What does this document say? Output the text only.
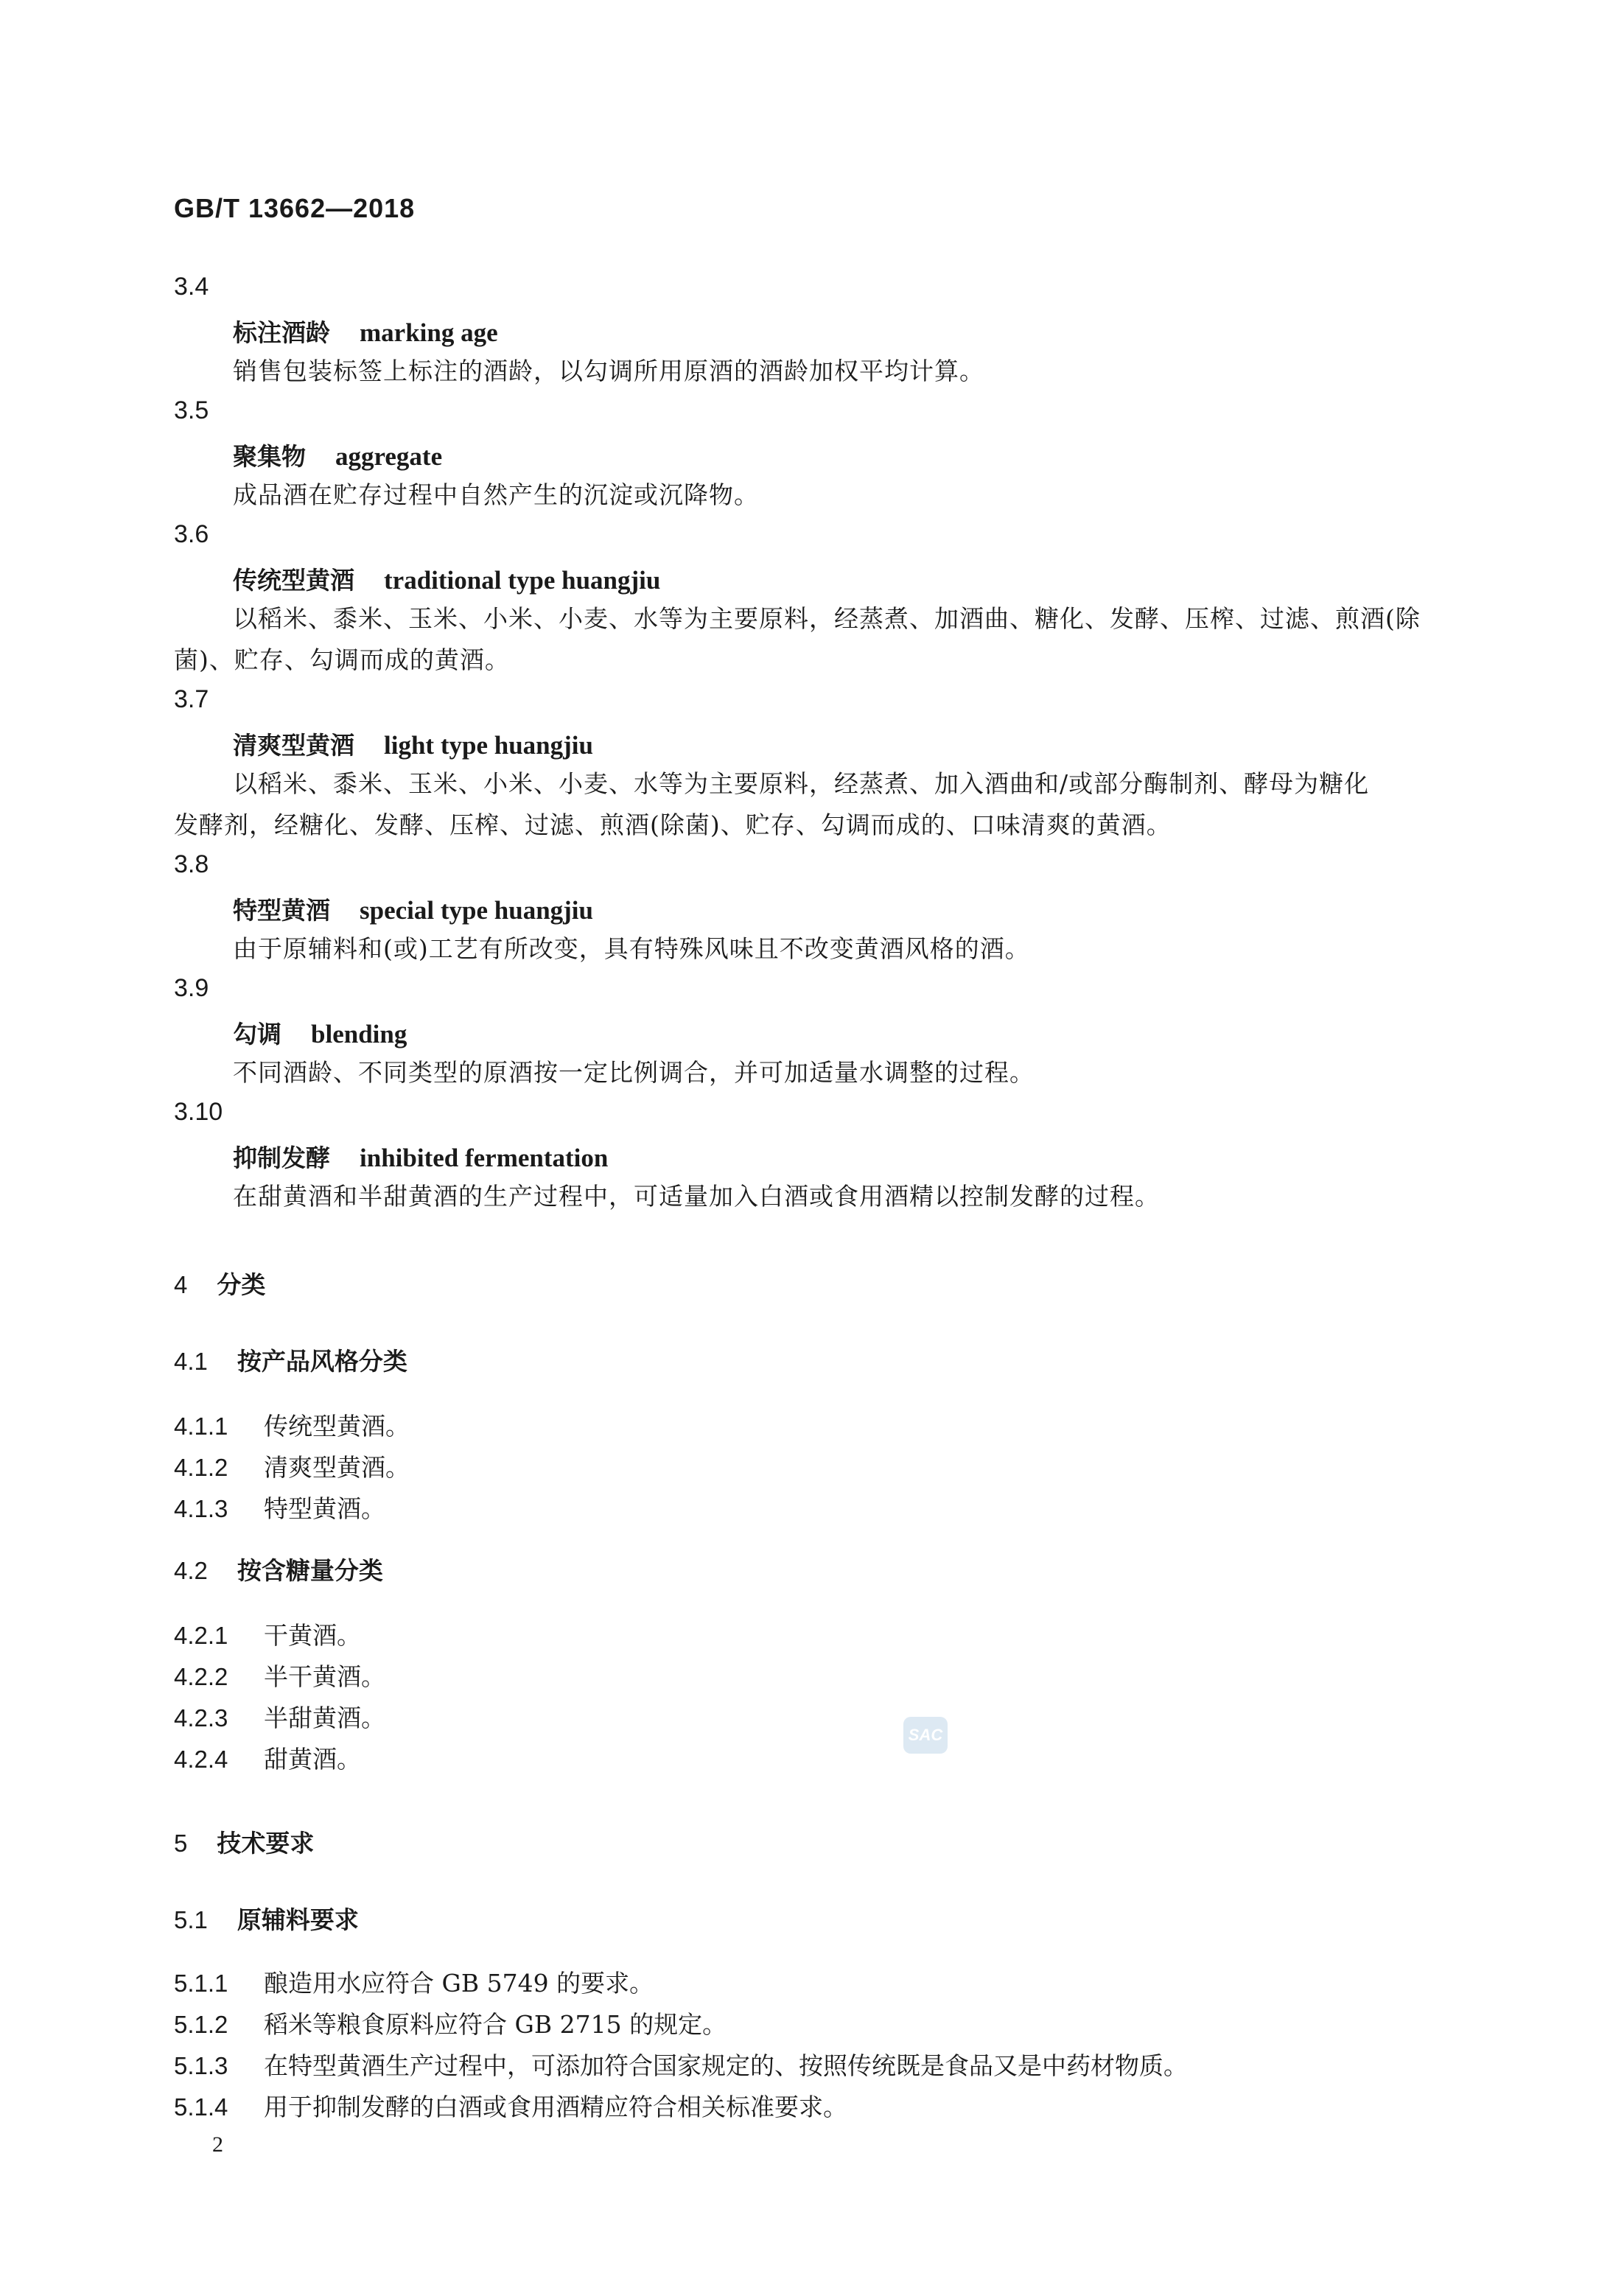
GB/T 13662—2018
3.4
标注酒龄 marking age
销售包装标签上标注的酒龄，以勾调所用原酒的酒龄加权平均计算。
3.5
聚集物 aggregate
成品酒在贮存过程中自然产生的沉淀或沉降物。
3.6
传统型黄酒 traditional type huangjiu
以稻米、黍米、玉米、小米、小麦、水等为主要原料，经蒸煮、加酒曲、糖化、发酵、压榨、过滤、煎酒(除
菌)、贮存、勾调而成的黄酒。
3.7
清爽型黄酒 light type huangjiu
以稻米、黍米、玉米、小米、小麦、水等为主要原料，经蒸煮、加入酒曲和/或部分酶制剂、酵母为糖化
发酵剂，经糖化、发酵、压榨、过滤、煎酒(除菌)、贮存、勾调而成的、口味清爽的黄酒。
3.8
特型黄酒 special type huangjiu
由于原辅料和(或)工艺有所改变，具有特殊风味且不改变黄酒风格的酒。
3.9
勾调 blending
不同酒龄、不同类型的原酒按一定比例调合，并可加适量水调整的过程。
3.10
抑制发酵 inhibited fermentation
在甜黄酒和半甜黄酒的生产过程中，可适量加入白酒或食用酒精以控制发酵的过程。
4 分类
4.1 按产品风格分类
4.1.1 传统型黄酒。
4.1.2 清爽型黄酒。
4.1.3 特型黄酒。
4.2 按含糖量分类
4.2.1 干黄酒。
4.2.2 半干黄酒。
4.2.3 半甜黄酒。
4.2.4 甜黄酒。
SAC
5 技术要求
5.1 原辅料要求
5.1.1 酿造用水应符合 GB 5749 的要求。
5.1.2 稻米等粮食原料应符合 GB 2715 的规定。
5.1.3 在特型黄酒生产过程中，可添加符合国家规定的、按照传统既是食品又是中药材物质。
5.1.4 用于抑制发酵的白酒或食用酒精应符合相关标准要求。
2
